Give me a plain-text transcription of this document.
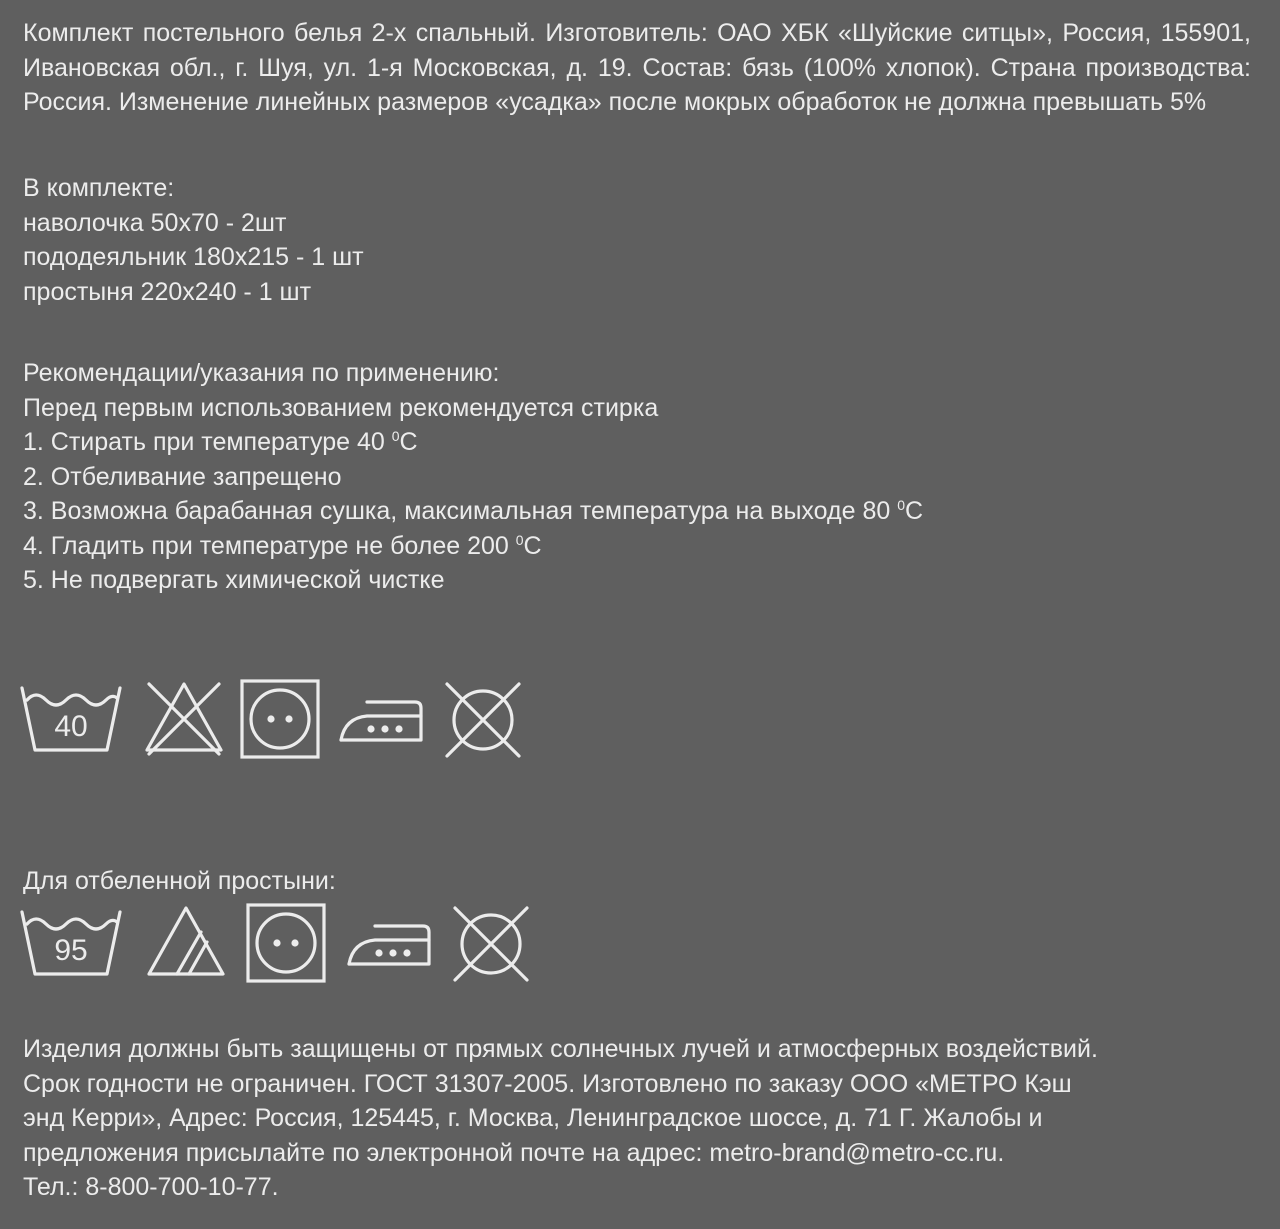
Комплект постельного белья 2-х спальный. Изготовитель: ОАО ХБК «Шуйские ситцы», Россия, 155901, Ивановская обл., г. Шуя, ул. 1-я Московская, д. 19. Состав: бязь (100% хлопок). Страна производства: Россия. Изменение линейных размеров «усадка» после мокрых обработок не должна превышать 5%

В комплекте:
наволочка 50х70 - 2шт
пододеяльник 180х215 - 1 шт
простыня 220х240 - 1 шт
Рекомендации/указания по применению:
Перед первым использованием рекомендуется стирка
1. Стирать при температуре 40 $^0$C
2. Отбеливание запрещено
3. Возможна барабанная сушка, максимальная температура на выходе 80 $^0$C
4. Гладить при температуре не более 200 $^0$C
5. Не подвергать химической чистке
40
Для отбеленной простыни:
95
Изделия должны быть защищены от прямых солнечных лучей и атмосферных воздействий.
Срок годности не ограничен. ГОСТ 31307-2005. Изготовлено по заказу ООО «МЕТРО Кэш
энд Керри», Адрес: Россия, 125445, г. Москва, Ленинградское шоссе, д. 71 Г. Жалобы и
предложения присылайте по электронной почте на адрес: metro-brand@metro-cc.ru.
Тел.: 8-800-700-10-77.
